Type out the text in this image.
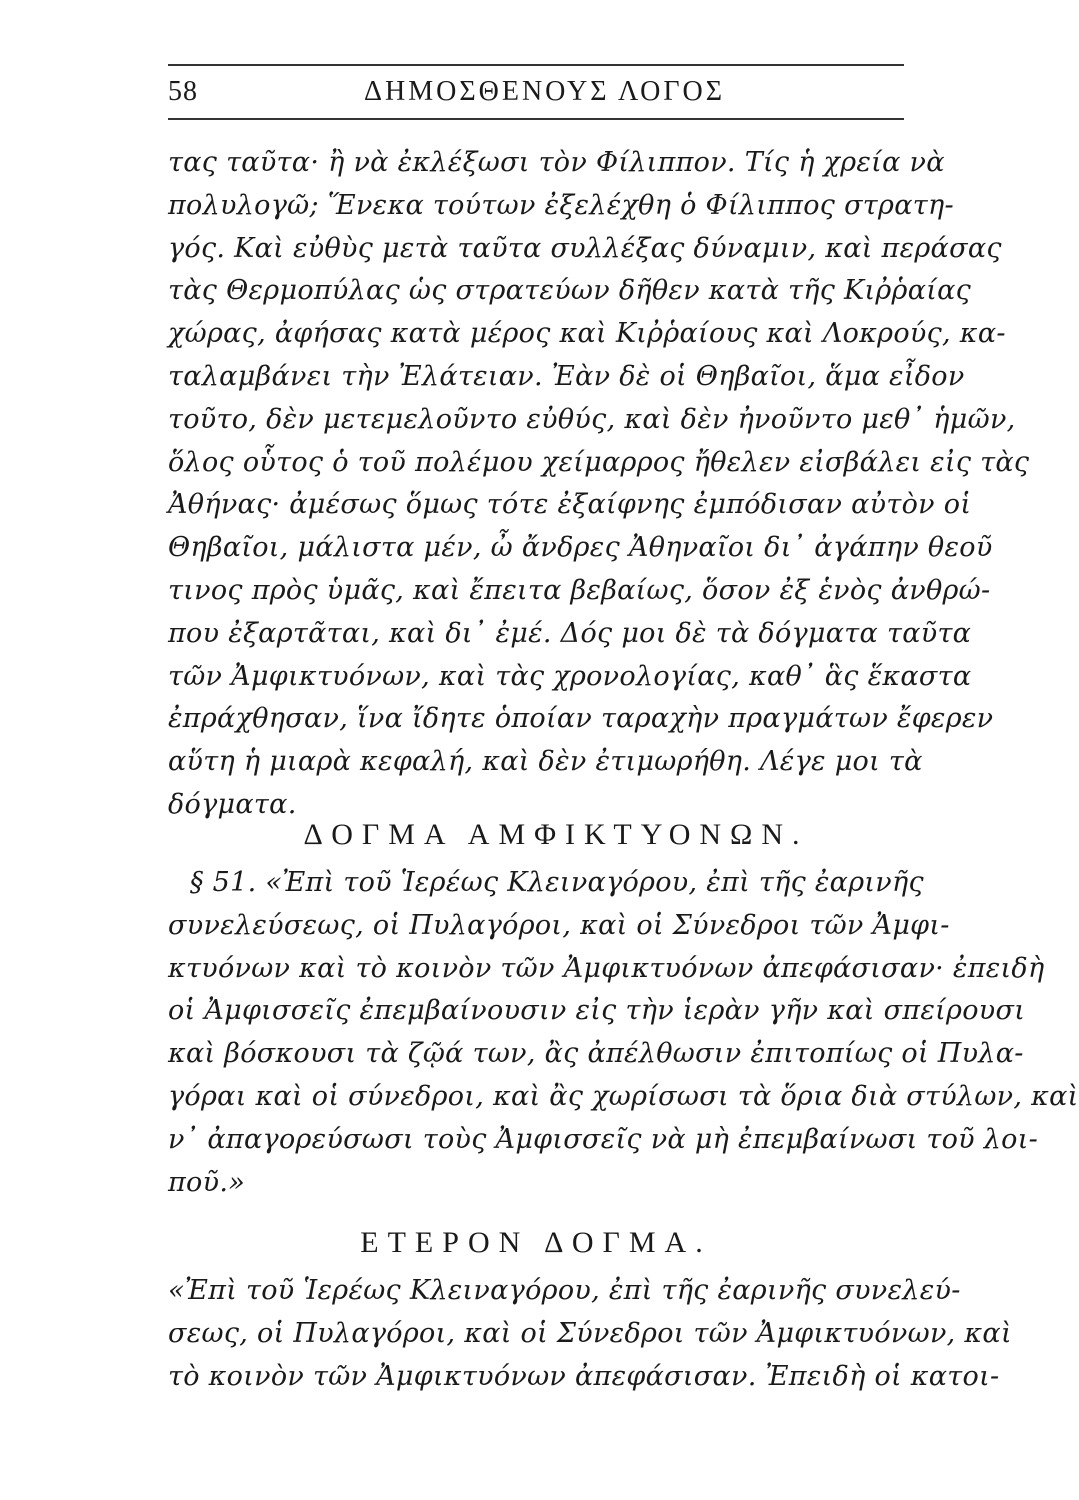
58	ΔΗΜΟΣΘΕΝΟΥΣ ΛΟΓΟΣ
τας ταῦτα· ἢ νὰ ἐκλέξωσι τὸν Φίλιππον. Τίς ἡ χρεία νὰ
πολυλογῶ; Ἕνεκα τούτων ἐξελέχθη ὁ Φίλιππος στρατη-
γός. Καὶ εὐθὺς μετὰ ταῦτα συλλέξας δύναμιν, καὶ περάσας
τὰς Θερμοπύλας ὡς στρατεύων δῆθεν κατὰ τῆς Κιῤῥαίας
χώρας, ἀφήσας κατὰ μέρος καὶ Κιῤῥαίους καὶ Λοκρούς, κα-
ταλαμβάνει τὴν Ἐλάτειαν. Ἐὰν δὲ οἱ Θηβαῖοι, ἅμα εἶδον
τοῦτο, δὲν μετεμελοῦντο εὐθύς, καὶ δὲν ἠνοῦντο μεθ᾽ ἡμῶν,
ὅλος οὗτος ὁ τοῦ πολέμου χείμαρρος ἤθελεν εἰσβάλει εἰς τὰς
Ἀθήνας· ἀμέσως ὅμως τότε ἐξαίφνης ἐμπόδισαν αὐτὸν οἱ
Θηβαῖοι, μάλιστα μέν, ὦ ἄνδρες Ἀθηναῖοι δι᾽ ἀγάπην θεοῦ
τινος πρὸς ὑμᾶς, καὶ ἔπειτα βεβαίως, ὅσον ἐξ ἑνὸς ἀνθρώ-
που ἐξαρτᾶται, καὶ δι᾽ ἐμέ. Δός μοι δὲ τὰ δόγματα ταῦτα
τῶν Ἀμφικτυόνων, καὶ τὰς χρονολογίας, καθ᾽ ἃς ἕκαστα
ἐπράχθησαν, ἵνα ἴδητε ὁποίαν ταραχὴν πραγμάτων ἔφερεν
αὕτη ἡ μιαρὰ κεφαλή, καὶ δὲν ἐτιμωρήθη. Λέγε μοι τὰ
δόγματα.
ΔΟΓΜΑ ΑΜΦΙΚΤΥΟΝΩΝ.
§ 51. «Ἐπὶ τοῦ Ἱερέως Κλειναγόρου, ἐπὶ τῆς ἐαρινῆς
συνελεύσεως, οἱ Πυλαγόροι, καὶ οἱ Σύνεδροι τῶν Ἀμφι-
κτυόνων καὶ τὸ κοινὸν τῶν Ἀμφικτυόνων ἀπεφάσισαν· ἐπειδὴ
οἱ Ἀμφισσεῖς ἐπεμβαίνουσιν εἰς τὴν ἱερὰν γῆν καὶ σπείρουσι
καὶ βόσκουσι τὰ ζῷά των, ἂς ἀπέλθωσιν ἐπιτοπίως οἱ Πυλα-
γόραι καὶ οἱ σύνεδροι, καὶ ἂς χωρίσωσι τὰ ὅρια διὰ στύλων, καὶ
ν᾽ ἀπαγορεύσωσι τοὺς Ἀμφισσεῖς νὰ μὴ ἐπεμβαίνωσι τοῦ λοι-
ποῦ.»
ΕΤΕΡΟΝ ΔΟΓΜΑ.
«Ἐπὶ τοῦ Ἱερέως Κλειναγόρου, ἐπὶ τῆς ἐαρινῆς συνελεύ-
σεως, οἱ Πυλαγόροι, καὶ οἱ Σύνεδροι τῶν Ἀμφικτυόνων, καὶ
τὸ κοινὸν τῶν Ἀμφικτυόνων ἀπεφάσισαν. Ἐπειδὴ οἱ κατοι-
